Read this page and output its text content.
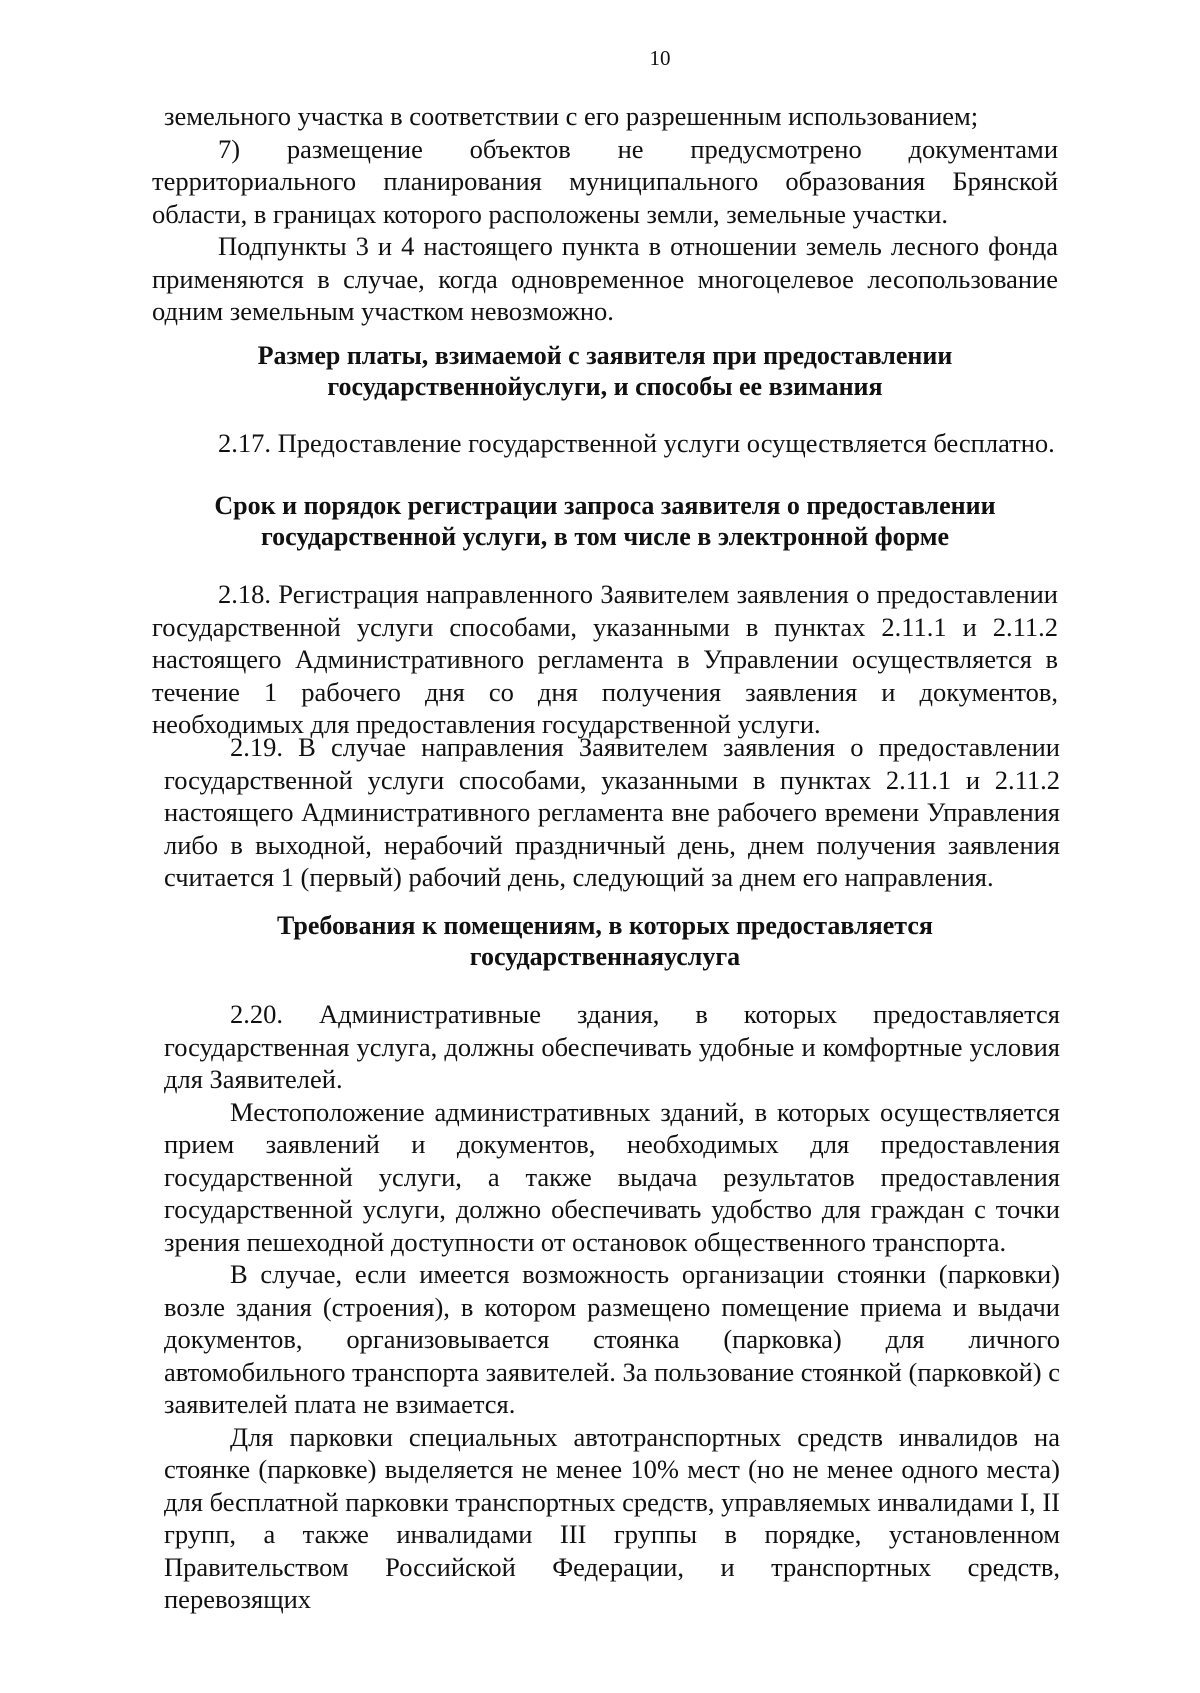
10

земельного участка в соответствии с его разрешенным использованием;

7) размещение объектов не предусмотрено документами территориального планирования муниципального образования Брянской области, в границах которого расположены земли, земельные участки.

Подпункты 3 и 4 настоящего пункта в отношении земель лесного фонда применяются в случае, когда одновременное многоцелевое лесопользование одним земельным участком невозможно.

Размер платы, взимаемой с заявителя при предоставлении
государственнойуслуги, и способы ее взимания

2.17. Предоставление государственной услуги осуществляется бесплатно.

Срок и порядок регистрации запроса заявителя о предоставлении
государственной услуги, в том числе в электронной форме

2.18. Регистрация направленного Заявителем заявления о предоставлении государственной услуги способами, указанными в пунктах 2.11.1 и 2.11.2 настоящего Административного регламента в Управлении осуществляется в течение 1 рабочего дня со дня получения заявления и документов, необходимых для предоставления государственной услуги.

2.19. В случае направления Заявителем заявления о предоставлении государственной услуги способами, указанными в пунктах 2.11.1 и 2.11.2 настоящего Административного регламента вне рабочего времени Управления либо в выходной, нерабочий праздничный день, днем получения заявления считается 1 (первый) рабочий день, следующий за днем его направления.

Требования к помещениям, в которых предоставляется
государственнаяуслуга

2.20. Административные здания, в которых предоставляется государственная услуга, должны обеспечивать удобные и комфортные условия для Заявителей.

Местоположение административных зданий, в которых осуществляется прием заявлений и документов, необходимых для предоставления государственной услуги, а также выдача результатов предоставления государственной услуги, должно обеспечивать удобство для граждан с точки зрения пешеходной доступности от остановок общественного транспорта.

В случае, если имеется возможность организации стоянки (парковки) возле здания (строения), в котором размещено помещение приема и выдачи документов, организовывается стоянка (парковка) для личного автомобильного транспорта заявителей. За пользование стоянкой (парковкой) с заявителей плата не взимается.

Для парковки специальных автотранспортных средств инвалидов на стоянке (парковке) выделяется не менее 10% мест (но не менее одного места) для бесплатной парковки транспортных средств, управляемых инвалидами I, II групп, а также инвалидами III группы в порядке, установленном Правительством Российской Федерации, и транспортных средств, перевозящих
